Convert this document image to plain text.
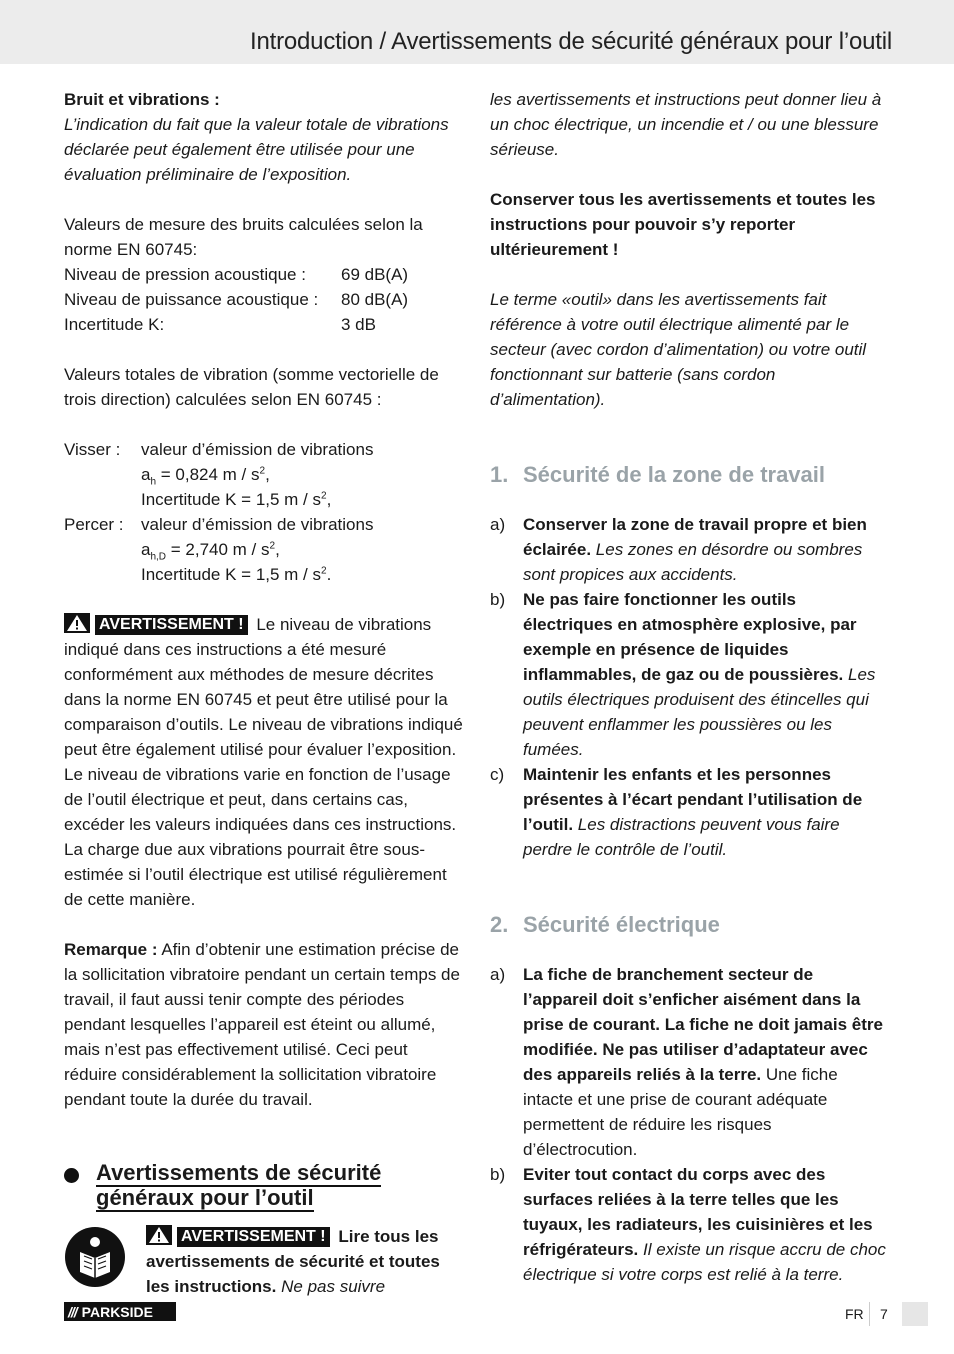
Introduction / Avertissements de sécurité généraux pour l’outil

Bruit et vibrations :

L’indication du fait que la valeur totale de vibrations déclarée peut également être utilisée pour une évaluation préliminaire de l’exposition.

Valeurs de mesure des bruits calculées selon la norme EN 60745:

Niveau de pression acoustique :	69 dB(A)
Niveau de puissance acoustique :	80 dB(A)
Incertitude K:	3 dB

Valeurs totales de vibration (somme vectorielle de trois direction) calculées selon EN 60745 :

Visser :	valeur d’émission de vibrations
$a_h = 0,824$ m / $s^2$,
Incertitude K = 1,5 m / $s^2$,
Percer :	valeur d’émission de vibrations
$a_{h,D} = 2,740$ m / $s^2$,
Incertitude K = 1,5 m / $s^2$.

AVERTISSEMENT ! Le niveau de vibrations indiqué dans ces instructions a été mesuré conformément aux méthodes de mesure décrites dans la norme EN 60745 et peut être utilisé pour la comparaison d’outils. Le niveau de vibrations indiqué peut être également utilisé pour évaluer l’exposition. Le niveau de vibrations varie en fonction de l’usage de l’outil électrique et peut, dans certains cas, excéder les valeurs indiquées dans ces instructions. La charge due aux vibrations pourrait être sous-estimée si l’outil électrique est utilisé régulièrement de cette manière.

Remarque : Afin d’obtenir une estimation précise de la sollicitation vibratoire pendant un certain temps de travail, il faut aussi tenir compte des périodes pendant lesquelles l’appareil est éteint ou allumé, mais n’est pas effectivement utilisé. Ceci peut réduire considérablement la sollicitation vibratoire pendant toute la durée du travail.

Avertissements de sécurité
généraux pour l’outil

AVERTISSEMENT ! Lire tous les avertissements de sécurité et toutes les instructions. Ne pas suivre

les avertissements et instructions peut donner lieu à un choc électrique, un incendie et / ou une blessure sérieuse.

Conserver tous les avertissements et toutes les instructions pour pouvoir s’y reporter ultérieurement !

Le terme «outil» dans les avertissements fait référence à votre outil électrique alimenté par le secteur (avec cordon d’alimentation) ou votre outil fonctionnant sur batterie (sans cordon d’alimentation).

1. Sécurité de la zone de travail
a)	Conserver la zone de travail propre et bien éclairée. Les zones en désordre ou sombres sont propices aux accidents.
b)	Ne pas faire fonctionner les outils électriques en atmosphère explosive, par exemple en présence de liquides inflammables, de gaz ou de poussières. Les outils électriques produisent des étincelles qui peuvent enflammer les poussières ou les fumées.
c)	Maintenir les enfants et les personnes présentes à l’écart pendant l’utilisation de l’outil. Les distractions peuvent vous faire perdre le contrôle de l’outil.
2. Sécurité électrique
a)	La fiche de branchement secteur de l’appareil doit s’enficher aisément dans la prise de courant. La fiche ne doit jamais être modifiée. Ne pas utiliser d’adaptateur avec des appareils reliés à la terre. Une fiche intacte et une prise de courant adéquate permettent de réduire les risques d’électrocution.
b)	Eviter tout contact du corps avec des surfaces reliées à la terre telles que les tuyaux, les radiateurs, les cuisinières et les réfrigérateurs. Il existe un risque accru de choc électrique si votre corps est relié à la terre.
/// PARKSIDE	FR 7
